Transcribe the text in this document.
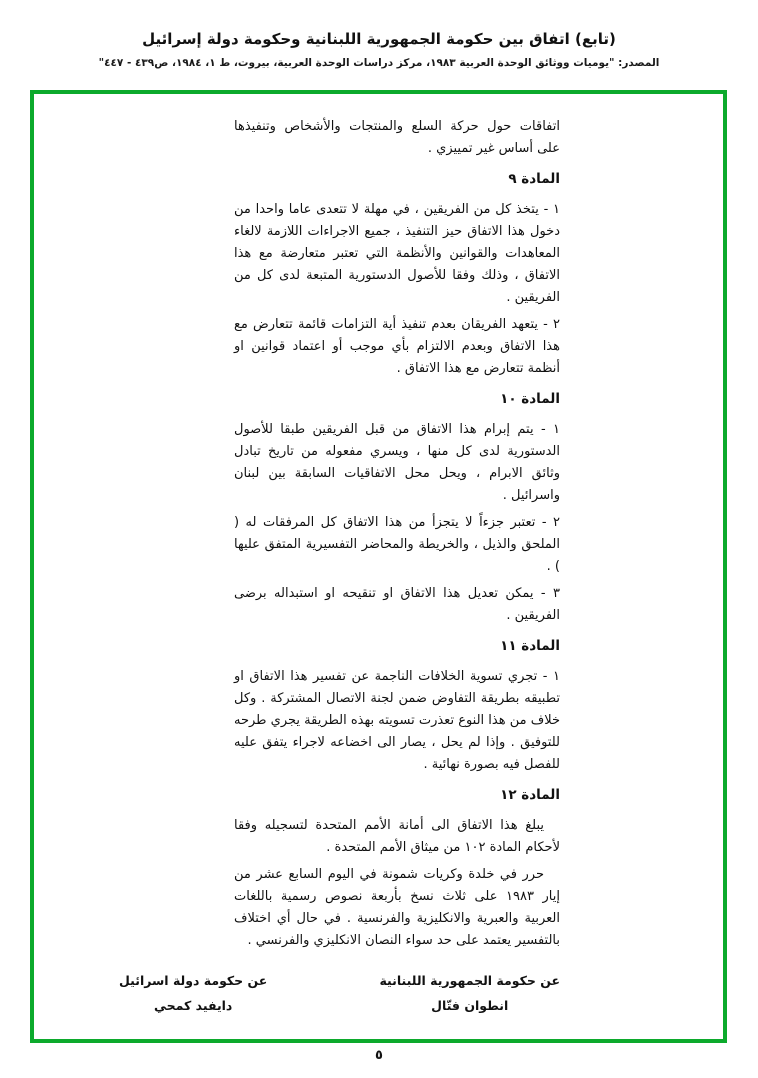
(تابع) اتفاق بين حكومة الجمهورية اللبنانية وحكومة دولة إسرائيل
المصدر: "يوميات ووثائق الوحدة العربية ١٩٨٣، مركز دراسات الوحدة العربية، بيروت، ط ١، ١٩٨٤، ص٤٣٩ - ٤٤٧"

اتفاقات حول حركة السلع والمنتجات والأشخاص وتنفيذها على أساس غير تمييزي .

المادة ٩

١ - يتخذ كل من الفريقين ، في مهلة لا تتعدى عاما واحدا من دخول هذا الاتفاق حيز التنفيذ ، جميع الاجراءات اللازمة لالغاء المعاهدات والقوانين والأنظمة التي تعتبر متعارضة مع هذا الاتفاق ، وذلك وفقا للأصول الدستورية المتبعة لدى كل من الفريقين .

٢ - يتعهد الفريقان بعدم تنفيذ أية التزامات قائمة تتعارض مع هذا الاتفاق وبعدم الالتزام بأي موجب أو اعتماد قوانين او أنظمة تتعارض مع هذا الاتفاق .

المادة ١٠

١ - يتم إبرام هذا الاتفاق من قبل الفريقين طبقا للأصول الدستورية لدى كل منها ، ويسري مفعوله من تاريخ تبادل وثائق الابرام ، ويحل محل الاتفاقيات السابقة بين لبنان واسرائيل .

٢ - تعتبر جزءاً لا يتجزأ من هذا الاتفاق كل المرفقات له ( الملحق والذيل ، والخريطة والمحاضر التفسيرية المتفق عليها ) .

٣ - يمكن تعديل هذا الاتفاق او تنقيحه او استبداله برضى الفريقين .

المادة ١١

١ - تجري تسوية الخلافات الناجمة عن تفسير هذا الاتفاق او تطبيقه بطريقة التفاوض ضمن لجنة الاتصال المشتركة . وكل خلاف من هذا النوع تعذرت تسويته بهذه الطريقة يجري طرحه للتوفيق . وإذا لم يحل ، يصار الى اخضاعه لاجراء يتفق عليه للفصل فيه بصورة نهائية .

المادة ١٢

يبلغ هذا الاتفاق الى أمانة الأمم المتحدة لتسجيله وفقا لأحكام المادة ١٠٢ من ميثاق الأمم المتحدة .

حرر في خلدة وكريات شمونة في اليوم السابع عشر من إيار ١٩٨٣ على ثلاث نسخ بأربعة نصوص رسمية باللغات العربية والعبرية والانكليزية والفرنسية . في حال أي اختلاف بالتفسير يعتمد على حد سواء النصان الانكليزي والفرنسي .

عن حكومة الجمهورية اللبنانية
انطوان فتّال
عن حكومة دولة اسرائيل
دايفيد كمحي
٥
